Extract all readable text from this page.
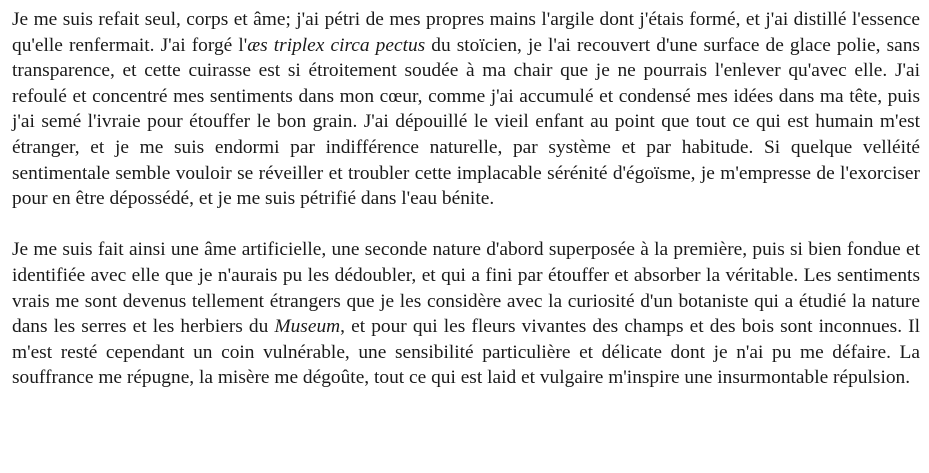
Je me suis refait seul, corps et âme; j'ai pétri de mes propres mains l'argile dont j'étais formé, et j'ai distillé l'essence qu'elle renfermait. J'ai forgé l'æs triplex circa pectus du stoïcien, je l'ai recouvert d'une surface de glace polie, sans transparence, et cette cuirasse est si étroitement soudée à ma chair que je ne pourrais l'enlever qu'avec elle. J'ai refoulé et concentré mes sentiments dans mon cœur, comme j'ai accumulé et condensé mes idées dans ma tête, puis j'ai semé l'ivraie pour étouffer le bon grain. J'ai dépouillé le vieil enfant au point que tout ce qui est humain m'est étranger, et je me suis endormi par indifférence naturelle, par système et par habitude. Si quelque velléité sentimentale semble vouloir se réveiller et troubler cette implacable sérénité d'égoïsme, je m'empresse de l'exorciser pour en être dépossédé, et je me suis pétrifié dans l'eau bénite.

Je me suis fait ainsi une âme artificielle, une seconde nature d'abord superposée à la première, puis si bien fondue et identifiée avec elle que je n'aurais pu les dédoubler, et qui a fini par étouffer et absorber la véritable. Les sentiments vrais me sont devenus tellement étrangers que je les considère avec la curiosité d'un botaniste qui a étudié la nature dans les serres et les herbiers du Museum, et pour qui les fleurs vivantes des champs et des bois sont inconnues. Il m'est resté cependant un coin vulnérable, une sensibilité particulière et délicate dont je n'ai pu me défaire. La souffrance me répugne, la misère me dégoûte, tout ce qui est laid et vulgaire m'inspire une insurmontable répulsion.
